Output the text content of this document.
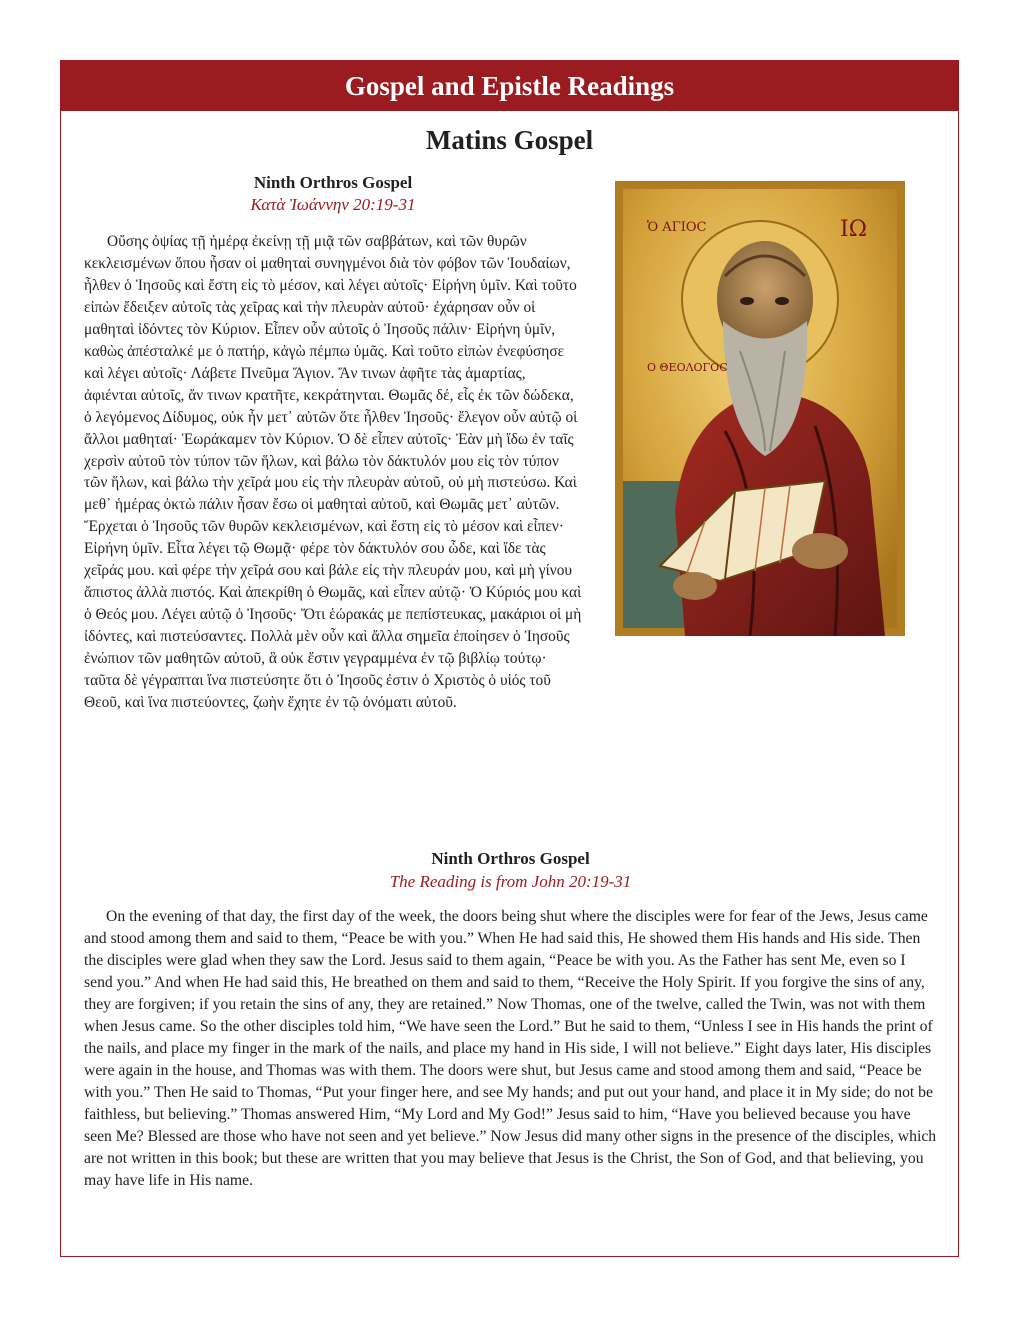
Gospel and Epistle Readings
Matins Gospel
Ninth Orthros Gospel
Κατὰ Ἰωάννην 20:19-31

Οὔσης ὀψίας τῇ ἡμέρᾳ ἐκείνῃ τῇ μιᾷ τῶν σαββάτων, καὶ τῶν θυρῶν κεκλεισμένων ὅπου ἦσαν οἱ μαθηταὶ συνηγμένοι διὰ τὸν φόβον τῶν Ἰουδαίων, ἦλθεν ὁ Ἰησοῦς καὶ ἔστη εἰς τὸ μέσον, καὶ λέγει αὐτοῖς· Εἰρήνη ὑμῖν. Καὶ τοῦτο εἰπὼν ἔδειξεν αὐτοῖς τὰς χεῖρας καὶ τὴν πλευρὰν αὐτοῦ· ἐχάρησαν οὖν οἱ μαθηταὶ ἰδόντες τὸν Κύριον. Εἶπεν οὖν αὐτοῖς ὁ Ἰησοῦς πάλιν· Εἰρήνη ὑμῖν, καθὼς ἀπέσταλκέ με ὁ πατήρ, κἀγὼ πέμπω ὑμᾶς. Καὶ τοῦτο εἰπὼν ἐνεφύσησε καὶ λέγει αὐτοῖς· Λάβετε Πνεῦμα Ἅγιον. Ἄν τινων ἀφῆτε τὰς ἁμαρτίας, ἀφιένται αὐτοῖς, ἄν τινων κρατῆτε, κεκράτηνται. Θωμᾶς δέ, εἷς ἐκ τῶν δώδεκα, ὁ λεγόμενος Δίδυμος, οὐκ ἦν μετ᾽ αὐτῶν ὅτε ἦλθεν Ἰησοῦς· ἔλεγον οὖν αὐτῷ οἱ ἄλλοι μαθηταί· Ἑωράκαμεν τὸν Κύριον. Ὁ δὲ εἶπεν αὐτοῖς· Ἐὰν μὴ ἴδω ἐν ταῖς χερσὶν αὐτοῦ τὸν τύπον τῶν ἥλων, καὶ βάλω τὸν δάκτυλόν μου εἰς τὸν τύπον τῶν ἥλων, καὶ βάλω τὴν χεῖρά μου εἰς τὴν πλευρὰν αὐτοῦ, οὐ μὴ πιστεύσω. Καὶ μεθ᾽ ἡμέρας ὀκτὼ πάλιν ἦσαν ἔσω οἱ μαθηταὶ αὐτοῦ, καὶ Θωμᾶς μετ᾽ αὐτῶν. Ἔρχεται ὁ Ἰησοῦς τῶν θυρῶν κεκλεισμένων, καὶ ἔστη εἰς τὸ μέσον καὶ εἶπεν· Εἰρήνη ὑμῖν. Εἶτα λέγει τῷ Θωμᾷ· φέρε τὸν δάκτυλόν σου ὧδε, καὶ ἴδε τὰς χεῖράς μου. καὶ φέρε τὴν χεῖρά σου καὶ βάλε εἰς τὴν πλευράν μου, καὶ μὴ γίνου ἄπιστος ἀλλὰ πιστός. Καὶ ἀπεκρίθη ὁ Θωμᾶς, καὶ εἶπεν αὐτῷ· Ὁ Κύριός μου καὶ ὁ Θεός μου. Λέγει αὐτῷ ὁ Ἰησοῦς· Ὅτι ἑώρακάς με πεπίστευκας, μακάριοι οἱ μὴ ἰδόντες, καὶ πιστεύσαντες. Πολλὰ μὲν οὖν καὶ ἄλλα σημεῖα ἐποίησεν ὁ Ἰησοῦς ἐνώπιον τῶν μαθητῶν αὐτοῦ, ἃ οὐκ ἔστιν γεγραμμένα ἐν τῷ βιβλίῳ τούτῳ· ταῦτα δὲ γέγραπται ἵνα πιστεύσητε ὅτι ὁ Ἰησοῦς ἐστιν ὁ Χριστὸς ὁ υἱός τοῦ Θεοῦ, καὶ ἵνα πιστεύοντες, ζωὴν ἔχητε ἐν τῷ ὀνόματι αὐτοῦ.

Ὁ ΑΓΙΟϹ	ΙΩ
Ο ΘΕΟΛΟΓΟϹ
Ninth Orthros Gospel
The Reading is from John 20:19-31

On the evening of that day, the first day of the week, the doors being shut where the disciples were for fear of the Jews, Jesus came and stood among them and said to them, “Peace be with you.” When He had said this, He showed them His hands and His side. Then the disciples were glad when they saw the Lord. Jesus said to them again, “Peace be with you. As the Father has sent Me, even so I send you.” And when He had said this, He breathed on them and said to them, “Receive the Holy Spirit. If you forgive the sins of any, they are forgiven; if you retain the sins of any, they are retained.” Now Thomas, one of the twelve, called the Twin, was not with them when Jesus came. So the other disciples told him, “We have seen the Lord.” But he said to them, “Unless I see in His hands the print of the nails, and place my finger in the mark of the nails, and place my hand in His side, I will not believe.” Eight days later, His disciples were again in the house, and Thomas was with them. The doors were shut, but Jesus came and stood among them and said, “Peace be with you.” Then He said to Thomas, “Put your finger here, and see My hands; and put out your hand, and place it in My side; do not be faithless, but believing.” Thomas answered Him, “My Lord and My God!” Jesus said to him, “Have you believed because you have seen Me? Blessed are those who have not seen and yet believe.” Now Jesus did many other signs in the presence of the disciples, which are not written in this book; but these are written that you may believe that Jesus is the Christ, the Son of God, and that believing, you may have life in His name.
